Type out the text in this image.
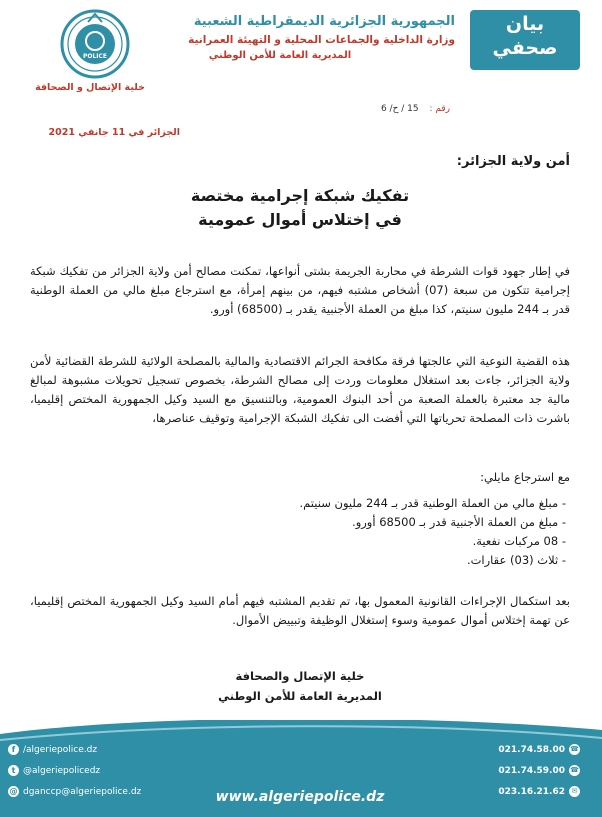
بيان
صحفي
الجمهورية الجزائرية الديمقراطية الشعبية
وزارة الداخلية والجماعات المحلية و التهيئة العمرانية
المديرية العامة للأمن الوطني
POLICE
خلية الإتصال و الصحافة
رقم : 15 / ح/ 6
الجزائر في 11 جانفي 2021
أمن ولاية الجزائر:
تفكيك شبكة إجرامية مختصة
في إختلاس أموال عمومية
في إطار جهود قوات الشرطة في محاربة الجريمة بشتى أنواعها، تمكنت مصالح أمن ولاية الجزائر من تفكيك شبكة إجرامية تتكون من سبعة (07) أشخاص مشتبه فيهم، من بينهم إمرأة، مع استرجاع مبلغ مالي من العملة الوطنية قدر بـ 244 مليون سنيتم، كذا مبلغ من العملة الأجنبية يقدر بـ (68500) أورو.
هذه القضية النوعية التي عالجتها فرقة مكافحة الجرائم الاقتصادية والمالية بالمصلحة الولائية للشرطة القضائية لأمن ولاية الجزائر، جاءت بعد استغلال معلومات وردت إلى مصالح الشرطة، بخصوص تسجيل تحويلات مشبوهة لمبالغ مالية جد معتبرة بالعملة الصعبة من أحد البنوك العمومية، وبالتنسيق مع السيد وكيل الجمهورية المختص إقليميا، باشرت ذات المصلحة تحرياتها التي أفضت الى تفكيك الشبكة الإجرامية وتوقيف عناصرها،
مع استرجاع مايلي:
- مبلغ مالي من العملة الوطنية قدر بـ 244 مليون سنيتم.
- مبلغ من العملة الأجنبية قدر بـ 68500 أورو.
- 08 مركبات نفعية.
- ثلاث (03) عقارات.
بعد استكمال الإجراءات القانونية المعمول بها، تم تقديم المشتبه فيهم أمام السيد وكيل الجمهورية المختص إقليميا، عن تهمة إختلاس أموال عمومية وسوء إستغلال الوظيفة وتبييض الأموال.
خلية الإتصال والصحافة
المديرية العامة للأمن الوطني
f /algeriepolice.dz
t @algeriepolicedz
@ dganccp@algeriepolice.dz
021.74.58.00 ☎
021.74.59.00 ☎
023.16.21.62 ✉
www.algeriepolice.dz
